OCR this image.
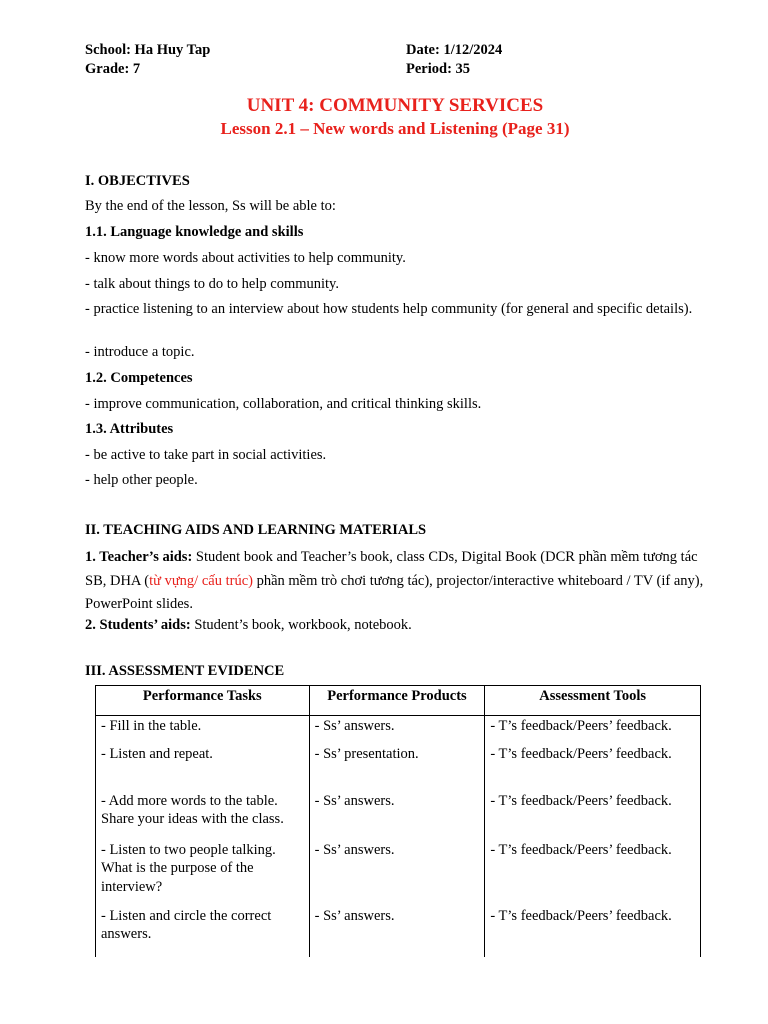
School: Ha Huy Tap
Grade: 7
Date: 1/12/2024
Period: 35
UNIT 4: COMMUNITY SERVICES
Lesson 2.1 – New words and Listening (Page 31)
I. OBJECTIVES
By the end of the lesson, Ss will be able to:
1.1. Language knowledge and skills
- know more words about activities to help community.
- talk about things to do to help community.
- practice listening to an interview about how students help community (for general and specific details).
- introduce a topic.
1.2. Competences
- improve communication, collaboration, and critical thinking skills.
1.3. Attributes
- be active to take part in social activities.
- help other people.
II. TEACHING AIDS AND LEARNING MATERIALS
1. Teacher’s aids: Student book and Teacher’s book, class CDs, Digital Book (DCR phần mềm tương tác SB, DHA (từ vựng/ cấu trúc) phần mềm trò chơi tương tác), projector/interactive whiteboard / TV (if any), PowerPoint slides.
2. Students’ aids: Student’s book, workbook, notebook.
III. ASSESSMENT EVIDENCE
Performance Tasks	Performance Products	Assessment Tools
- Fill in the table.	- Ss’ answers.	- T’s feedback/Peers’ feedback.
- Listen and repeat.	- Ss’ presentation.	- T’s feedback/Peers’ feedback.
- Add more words to the table. Share your ideas with the class.	- Ss’ answers.	- T’s feedback/Peers’ feedback.
- Listen to two people talking. What is the purpose of the interview?	- Ss’ answers.	- T’s feedback/Peers’ feedback.
- Listen and circle the correct answers.	- Ss’ answers.	- T’s feedback/Peers’ feedback.
